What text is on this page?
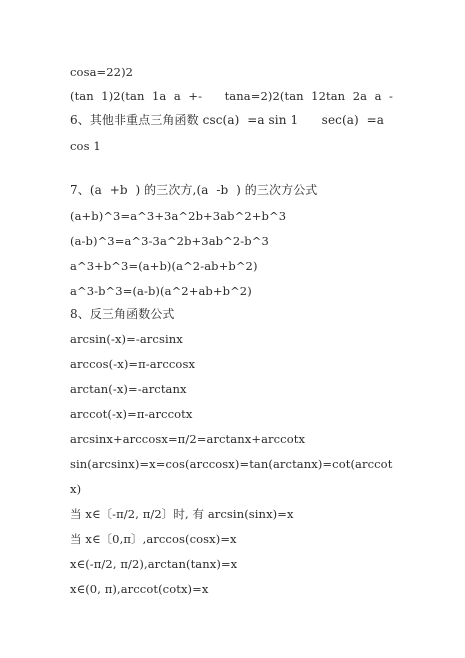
cosa=22)2
(tan  1)2(tan  1a  a  +-      tana=2)2(tan  12tan  2a  a  -
6、其他非重点三角函数 csc(a)  =a sin 1      sec(a)  =a
cos 1
7、(a  +b  ) 的三次方,(a  -b  ) 的三次方公式
(a+b)^3=a^3+3a^2b+3ab^2+b^3
(a-b)^3=a^3-3a^2b+3ab^2-b^3
a^3+b^3=(a+b)(a^2-ab+b^2)
a^3-b^3=(a-b)(a^2+ab+b^2)
8、反三角函数公式
arcsin(-x)=-arcsinx
arccos(-x)=π-arccosx
arctan(-x)=-arctanx
arccot(-x)=π-arccotx
arcsinx+arccosx=π/2=arctanx+arccotx
sin(arcsinx)=x=cos(arccosx)=tan(arctanx)=cot(arccot
x)
当 x∈〔-π/2, π/2〕时, 有 arcsin(sinx)=x
当 x∈〔0,π〕,arccos(cosx)=x
x∈(-π/2, π/2),arctan(tanx)=x
x∈(0, π),arccot(cotx)=x
